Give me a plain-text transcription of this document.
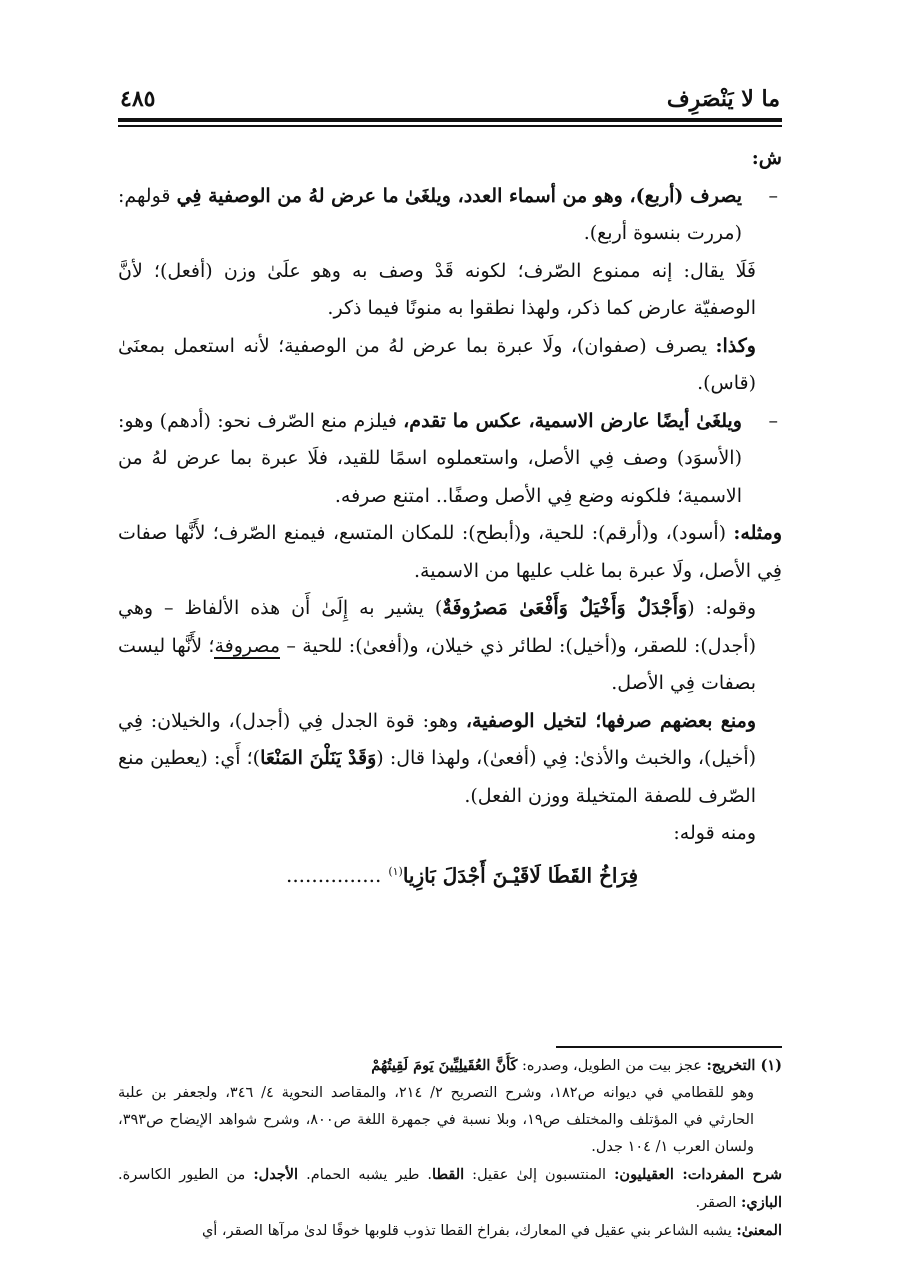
ما لا يَنْصَرِف
٤٨٥

ش:

–
يصرف (أربع)، وهو من أسماء العدد، ويلغَىٰ ما عرض لهُ من الوصفية فِي قولهم: (مررت بنسوة أربع).

فَلَا يقال: إنه ممنوع الصّرف؛ لكونه قَدْ وصف به وهو علَىٰ وزن (أفعل)؛ لأنَّ الوصفيّة عارض كما ذكر، ولهذا نطقوا به منونًا فيما ذكر.

وكذا: يصرف (صفوان)، ولَا عبرة بما عرض لهُ من الوصفية؛ لأنه استعمل بمعنَىٰ (قاس).

–
ويلغَىٰ أيضًا عارض الاسمية، عكس ما تقدم، فيلزم منع الصّرف نحو: (أدهم) وهو: (الأسوَد) وصف فِي الأصل، واستعملوه اسمًا للقيد، فلَا عبرة بما عرض لهُ من الاسمية؛ فلكونه وضع فِي الأصل وصفًا.. امتنع صرفه.

ومثله: (أسود)، و(أرقم): للحية، و(أبطح): للمكان المتسع، فيمنع الصّرف؛ لأَنَّها صفات فِي الأصل، ولَا عبرة بما غلب عليها من الاسمية.

وقوله: (وَأَجْدَلٌ وَأَخْيَلٌ وَأَفْعَىٰ مَصرُوفَةٌ) يشير به إِلَىٰ أَن هذه الألفاظ – وهي (أجدل): للصقر، و(أخيل): لطائر ذي خيلان، و(أفعىٰ): للحية – مصروفة؛ لأَنَّها ليست بصفات فِي الأصل.

ومنع بعضهم صرفها؛ لتخيل الوصفية، وهو: قوة الجدل فِي (أجدل)، والخيلان: فِي (أخيل)، والخبث والأذىٰ: فِي (أفعىٰ)، ولهذا قال: (وَقَدْ يَنَلْنَ المَنْعَا)؛ أَي: (يعطين منع الصّرف للصفة المتخيلة ووزن الفعل).

ومنه قوله:

فِرَاخُ القَطَا لَاقَيْـنَ أَجْدَلَ بَازِيا$^{(١)}$ ...............

(١) التخريج: عجز بيت من الطويل، وصدره: كَأَنَّ العُقَيلِيِّينَ يَومَ لَقِيتُهُمْ

وهو للقطامي في ديوانه ص١٨٢، وشرح التصريح ٢/ ٢١٤، والمقاصد النحوية ٤/ ٣٤٦، ولجعفر بن علبة الحارثي في المؤتلف والمختلف ص١٩، وبلا نسبة في جمهرة اللغة ص٨٠٠، وشرح شواهد الإيضاح ص٣٩٣، ولسان العرب ١/ ١٠٤ جدل.

شرح المفردات: العقيليون: المنتسبون إلىٰ عقيل: القطا. طير يشبه الحمام. الأجدل: من الطيور الكاسرة. البازي: الصقر.

المعنىٰ: يشبه الشاعر بني عقيل في المعارك، بفراخ القطا تذوب قلوبها خوفًا لدىٰ مرآها الصقر، أي
